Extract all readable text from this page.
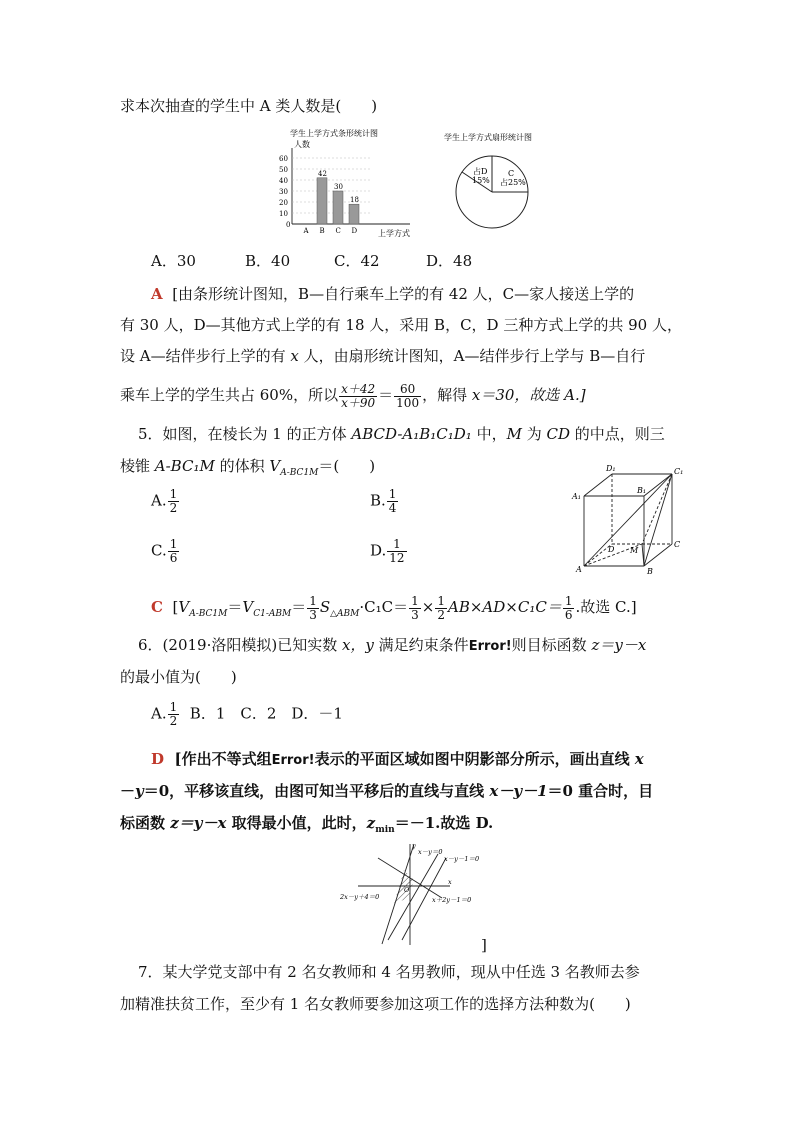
求本次抽查的学生中 A 类人数是(　　)
学生上学方式条形统计图
人数
0
10
20
30
40
50
60
A B
42
C
30
D
18
上学方式
学生上学方式扇形统计图
占D
15%
C
占25%
A．30	B．40	C．42	D．48
A [由条形统计图知，B—自行乘车上学的有 42 人，C—家人接送上学的
有 30 人，D—其他方式上学的有 18 人，采用 B，C，D 三种方式上学的共 90 人，
设 A—结伴步行上学的有 x 人，由扇形统计图知，A—结伴步行上学与 B—自行
乘车上学的学生共占 60%，所以 $\frac{x+42}{x+90} = \frac{60}{100}$ ，解得 x＝30，故选 A.]
5．如图，在棱长为 1 的正方体 ABCD-A₁B₁C₁D₁ 中，M 为 CD 的中点，则三
棱锥 A-BC₁M 的体积 $V_{A-BC1M}=$(　　)
A. $\frac{1}{2}$	B. $\frac{1}{4}$
C. $\frac{1}{6}$	D. $\frac{1}{12}$
D₁	C₁
A₁
B₁
D M
C
A	B
C [$V_{A-BC1M}=V_{C1-ABM}= \frac{1}{3} S_{\triangle ABM}\cdot C_1C= \frac{1}{3} \times \frac{1}{2} AB\times AD\times C_1C= \frac{1}{6}$ .故选 C.]
6．(2019·洛阳模拟)已知实数 x，y 满足约束条件Error!则目标函数 z＝y－x
的最小值为(　　)
A. $\frac{1}{2}$ B．1　C．2　D．－1
D [作出不等式组Error!表示的平面区域如图中阴影部分所示，画出直线 x
－y＝0，平移该直线，由图可知当平移后的直线与直线 x－y－1＝0 重合时，目
标函数 z＝y－x 取得最小值，此时，$z_{min}=-1$.故选 D.
y
x－y＝0
x－y－1＝0
O
x
2x－y＋4＝0	x＋2y－1＝0
]
7．某大学党支部中有 2 名女教师和 4 名男教师，现从中任选 3 名教师去参
加精准扶贫工作，至少有 1 名女教师要参加这项工作的选择方法种数为(　　)
